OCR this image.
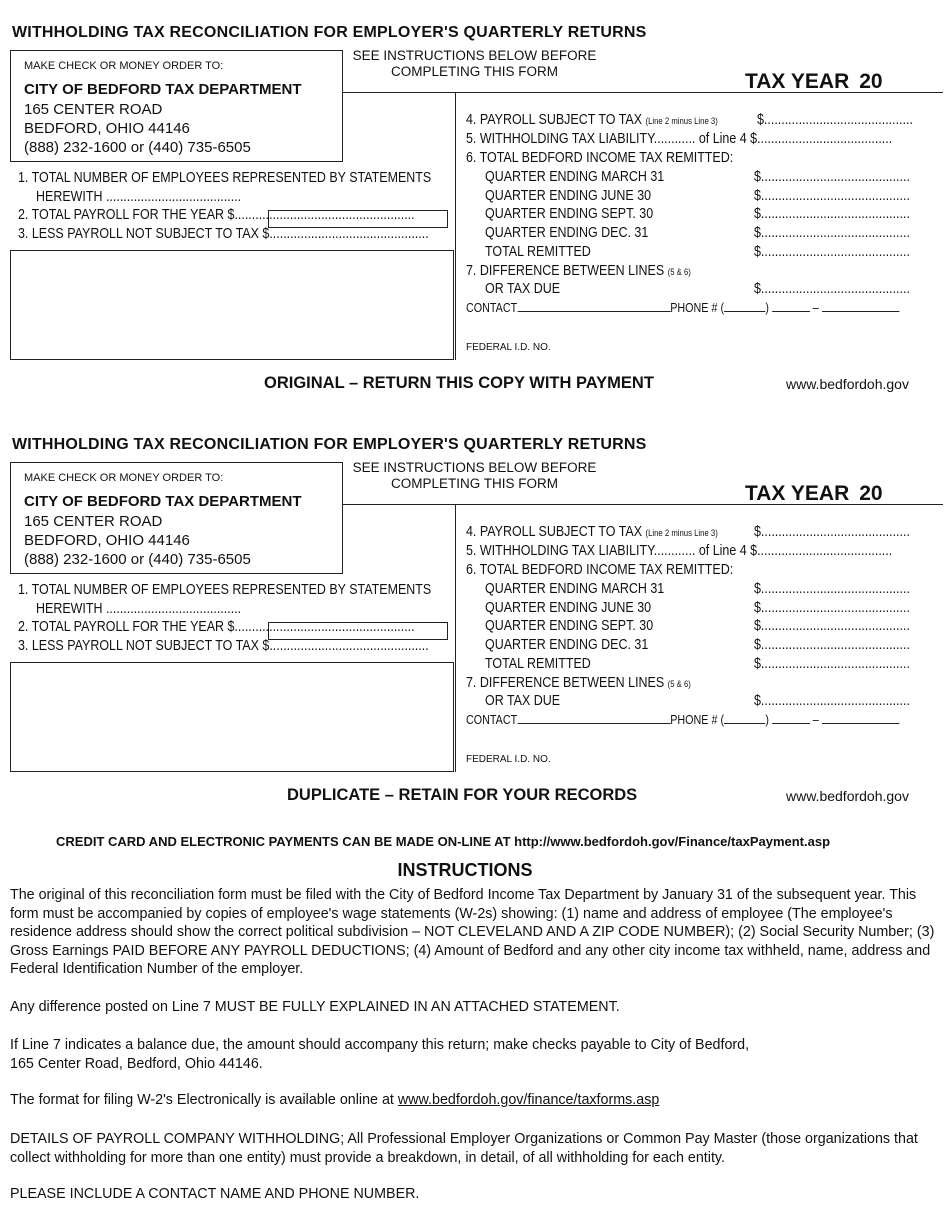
WITHHOLDING TAX RECONCILIATION FOR EMPLOYER'S QUARTERLY RETURNS
SEE INSTRUCTIONS BELOW BEFORE
COMPLETING THIS FORM	TAX YEAR 20
MAKE CHECK OR MONEY ORDER TO:
CITY OF BEDFORD TAX DEPARTMENT
165 CENTER ROAD
BEDFORD, OHIO 44146
(888) 232-1600 or (440) 735-6505
1. TOTAL NUMBER OF EMPLOYEES REPRESENTED BY STATEMENTS
HEREWITH .......................................
2. TOTAL PAYROLL FOR THE YEAR $....................................................
3. LESS PAYROLL NOT SUBJECT TO TAX $..............................................
4. PAYROLL SUBJECT TO TAX (Line 2 minus Line 3)	$...........................................
5. WITHHOLDING TAX LIABILITY............ of Line 4 $.......................................
6. TOTAL BEDFORD INCOME TAX REMITTED:
QUARTER ENDING MARCH 31	$...........................................
QUARTER ENDING JUNE 30	$...........................................
QUARTER ENDING SEPT. 30	$...........................................
QUARTER ENDING DEC. 31	$...........................................
TOTAL REMITTED	$...........................................
7. DIFFERENCE BETWEEN LINES (5 & 6)
OR TAX DUE	$...........................................
CONTACT	PHONE # (	)	–
FEDERAL I.D. NO.
ORIGINAL – RETURN THIS COPY WITH PAYMENT	www.bedfordoh.gov
WITHHOLDING TAX RECONCILIATION FOR EMPLOYER'S QUARTERLY RETURNS
SEE INSTRUCTIONS BELOW BEFORE
COMPLETING THIS FORM	TAX YEAR 20
MAKE CHECK OR MONEY ORDER TO:
CITY OF BEDFORD TAX DEPARTMENT
165 CENTER ROAD
BEDFORD, OHIO 44146
(888) 232-1600 or (440) 735-6505
1. TOTAL NUMBER OF EMPLOYEES REPRESENTED BY STATEMENTS
HEREWITH .......................................
2. TOTAL PAYROLL FOR THE YEAR $....................................................
3. LESS PAYROLL NOT SUBJECT TO TAX $..............................................
4. PAYROLL SUBJECT TO TAX (Line 2 minus Line 3) $...........................................
5. WITHHOLDING TAX LIABILITY............ of Line 4 $.......................................
6. TOTAL BEDFORD INCOME TAX REMITTED:
QUARTER ENDING MARCH 31	$...........................................
QUARTER ENDING JUNE 30	$...........................................
QUARTER ENDING SEPT. 30	$...........................................
QUARTER ENDING DEC. 31	$...........................................
TOTAL REMITTED	$...........................................
7. DIFFERENCE BETWEEN LINES (5 & 6)
OR TAX DUE	$...........................................
CONTACT	PHONE # (	)	–
FEDERAL I.D. NO.
DUPLICATE – RETAIN FOR YOUR RECORDS	www.bedfordoh.gov
CREDIT CARD AND ELECTRONIC PAYMENTS CAN BE MADE ON-LINE AT http://www.bedfordoh.gov/Finance/taxPayment.asp
INSTRUCTIONS
The original of this reconciliation form must be filed with the City of Bedford Income Tax Department by January 31 of the subsequent year. This form must be accompanied by copies of employee's wage statements (W-2s) showing: (1) name and address of employee (The employee's residence address should show the correct political subdivision – NOT CLEVELAND AND A ZIP CODE NUMBER); (2) Social Security Number; (3) Gross Earnings PAID BEFORE ANY PAYROLL DEDUCTIONS; (4) Amount of Bedford and any other city income tax withheld, name, address and Federal Identification Number of the employer.
Any difference posted on Line 7 MUST BE FULLY EXPLAINED IN AN ATTACHED STATEMENT.
If Line 7 indicates a balance due, the amount should accompany this return; make checks payable to City of Bedford,
165 Center Road, Bedford, Ohio 44146.
The format for filing W-2's Electronically is available online at www.bedfordoh.gov/finance/taxforms.asp
DETAILS OF PAYROLL COMPANY WITHHOLDING; All Professional Employer Organizations or Common Pay Master (those organizations that collect withholding for more than one entity) must provide a breakdown, in detail, of all withholding for each entity.
PLEASE INCLUDE A CONTACT NAME AND PHONE NUMBER.
